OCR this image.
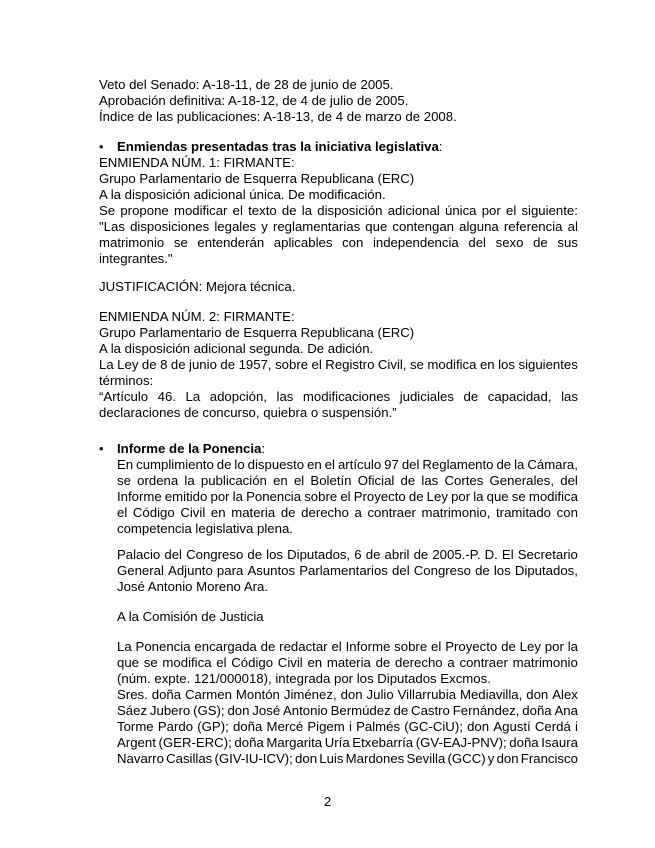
Veto del Senado: A-18-11, de 28 de junio de 2005.
Aprobación definitiva: A-18-12, de 4 de julio de 2005.
Índice de las publicaciones: A-18-13, de 4 de marzo de 2008.
• Enmiendas presentadas tras la iniciativa legislativa:
ENMIENDA NÚM. 1: FIRMANTE:
Grupo Parlamentario de Esquerra Republicana (ERC)
A la disposición adicional única. De modificación.
Se propone modificar el texto de la disposición adicional única por el siguiente:
"Las disposiciones legales y reglamentarias que contengan alguna referencia al
matrimonio se entenderán aplicables con independencia del sexo de sus
integrantes."
JUSTIFICACIÓN: Mejora técnica.
ENMIENDA NÚM. 2: FIRMANTE:
Grupo Parlamentario de Esquerra Republicana (ERC)
A la disposición adicional segunda. De adición.
La Ley de 8 de junio de 1957, sobre el Registro Civil, se modifica en los siguientes
términos:
“Artículo 46. La adopción, las modificaciones judiciales de capacidad, las
declaraciones de concurso, quiebra o suspensión.”
• Informe de la Ponencia:
En cumplimiento de lo dispuesto en el artículo 97 del Reglamento de la Cámara,
se ordena la publicación en el Boletín Oficial de las Cortes Generales, del
Informe emitido por la Ponencia sobre el Proyecto de Ley por la que se modifica
el Código Civil en materia de derecho a contraer matrimonio, tramitado con
competencia legislativa plena.
Palacio del Congreso de los Diputados, 6 de abril de 2005.-P. D. El Secretario
General Adjunto para Asuntos Parlamentarios del Congreso de los Diputados,
José Antonio Moreno Ara.
A la Comisión de Justicia
La Ponencia encargada de redactar el Informe sobre el Proyecto de Ley por la
que se modifica el Código Civil en materia de derecho a contraer matrimonio
(núm. expte. 121/000018), integrada por los Diputados Excmos.
Sres. doña Carmen Montón Jiménez, don Julio Villarrubia Mediavilla, don Alex
Sáez Jubero (GS); don José Antonio Bermúdez de Castro Fernández, doña Ana
Torme Pardo (GP); doña Mercé Pigem i Palmés (GC-CiU); don Agustí Cerdá i
Argent (GER-ERC); doña Margarita Uría Etxebarría (GV-EAJ-PNV); doña Isaura
Navarro Casillas (GIV-IU-ICV); don Luis Mardones Sevilla (GCC) y don Francisco
2
